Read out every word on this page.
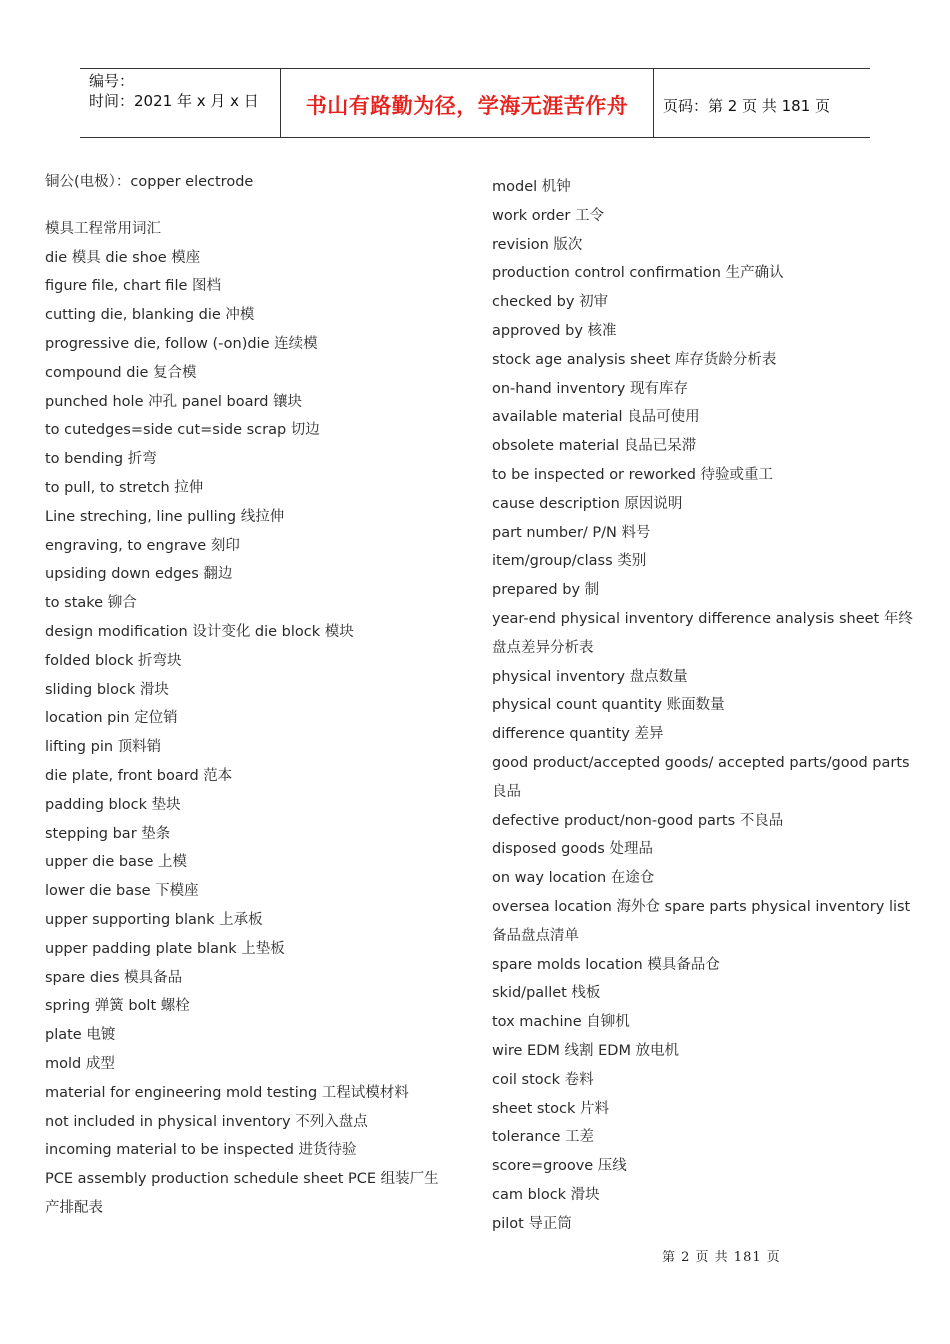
编号：
时间：2021 年 x 月 x 日	书山有路勤为径，学海无涯苦作舟	页码：第 2 页 共 181 页
铜公(电极）：copper electrode
模具工程常用词汇
die 模具 die shoe 模座
figure file, chart file 图档
cutting die, blanking die 冲模
progressive die, follow (-on)die 连续模
compound die 复合模
punched hole 冲孔 panel board 镶块
to cutedges=side cut=side scrap 切边
to bending 折弯
to pull, to stretch 拉伸
Line streching, line pulling 线拉伸
engraving, to engrave 刻印
upsiding down edges 翻边
to stake 铆合
design modification 设计变化 die block 模块
folded block 折弯块
sliding block 滑块
location pin 定位销
lifting pin 顶料销
die plate, front board 范本
padding block 垫块
stepping bar 垫条
upper die base 上模
lower die base 下模座
upper supporting blank 上承板
upper padding plate blank 上垫板
spare dies 模具备品
spring 弹簧 bolt 螺栓
plate 电镀
mold 成型
material for engineering mold testing 工程试模材料
not included in physical inventory 不列入盘点
incoming material to be inspected 进货待验
PCE assembly production schedule sheet PCE 组装厂生
产排配表
model 机钟
work order 工令
revision 版次
production control confirmation 生产确认
checked by 初审
approved by 核准
stock age analysis sheet 库存货龄分析表
on-hand inventory 现有库存
available material 良品可使用
obsolete material 良品已呆滞
to be inspected or reworked 待验或重工
cause description 原因说明
part number/ P/N 料号
item/group/class 类别
prepared by 制
year-end physical inventory difference analysis sheet 年终
盘点差异分析表
physical inventory 盘点数量
physical count quantity 账面数量
difference quantity 差异
good product/accepted goods/ accepted parts/good parts
良品
defective product/non-good parts 不良品
disposed goods 处理品
on way location 在途仓
oversea location 海外仓 spare parts physical inventory list
备品盘点清单
spare molds location 模具备品仓
skid/pallet 栈板
tox machine 自铆机
wire EDM 线割 EDM 放电机
coil stock 卷料
sheet stock 片料
tolerance 工差
score=groove 压线
cam block 滑块
pilot 导正筒
第 2 页 共 181 页
